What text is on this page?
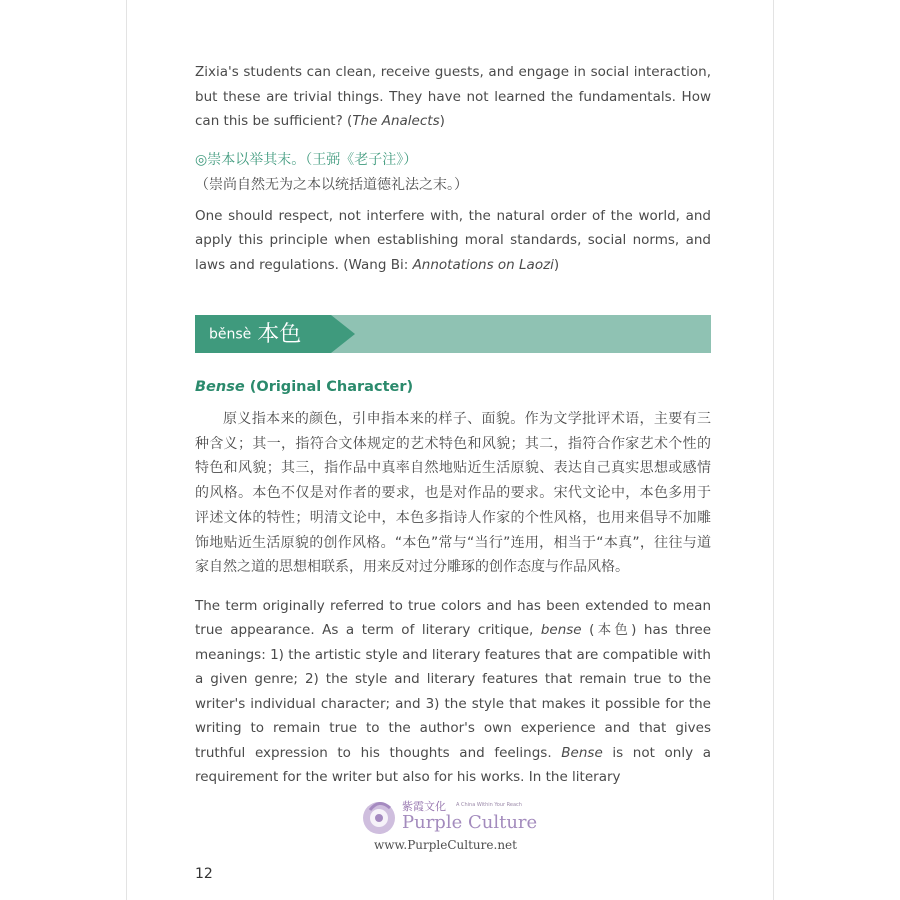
Zixia's students can clean, receive guests, and engage in social interaction, but these are trivial things. They have not learned the fundamentals. How can this be sufficient? (The Analects)

◎崇本以举其末。（王弼《老子注》）

（崇尚自然无为之本以统括道德礼法之末。）

One should respect, not interfere with, the natural order of the world, and apply this principle when establishing moral standards, social norms, and laws and regulations. (Wang Bi: Annotations on Laozi)

běnsè 本色
Bense (Original Character)

原义指本来的颜色，引申指本来的样子、面貌。作为文学批评术语，主要有三种含义；其一，指符合文体规定的艺术特色和风貌；其二，指符合作家艺术个性的特色和风貌；其三，指作品中真率自然地贴近生活原貌、表达自己真实思想或感情的风格。本色不仅是对作者的要求，也是对作品的要求。宋代文论中，本色多用于评述文体的特性；明清文论中，本色多指诗人作家的个性风格，也用来倡导不加雕饰地贴近生活原貌的创作风格。“本色”常与“当行”连用，相当于“本真”，往往与道家自然之道的思想相联系，用来反对过分雕琢的创作态度与作品风格。

The term originally referred to true colors and has been extended to mean true appearance. As a term of literary critique, bense (本色) has three meanings: 1) the artistic style and literary features that are compatible with a given genre; 2) the style and literary features that remain true to the writer's individual character; and 3) the style that makes it possible for the writing to remain true to the author's own experience and that gives truthful expression to his thoughts and feelings. Bense is not only a requirement for the writer but also for his works. In the literary

12
紫霞文化 A China Within Your Reach
Purple Culture
www.PurpleCulture.net
